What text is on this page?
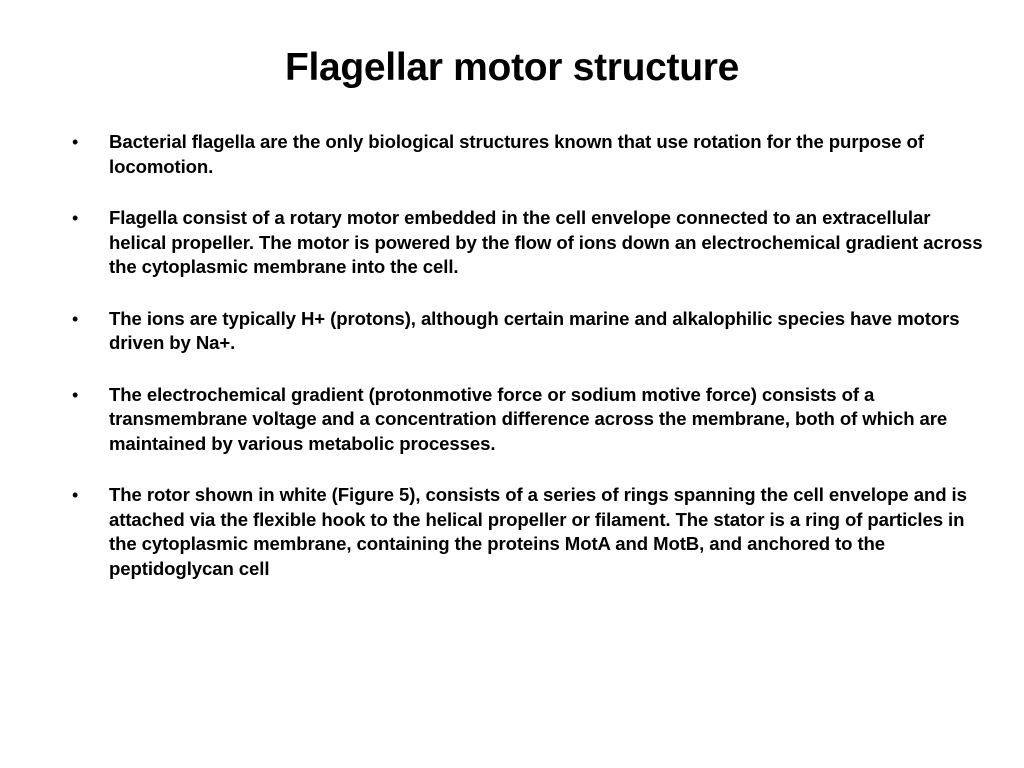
Flagellar motor structure
•	Bacterial flagella are the only biological structures known that use rotation for the purpose of locomotion.
•	Flagella consist of a rotary motor embedded in the cell envelope connected to an extracellular helical propeller. The motor is powered by the flow of ions down an electrochemical gradient across the cytoplasmic membrane into the cell.
•	The ions are typically H+ (protons), although certain marine and alkalophilic species have motors driven by Na+.
•	The electrochemical gradient (protonmotive force or sodium motive force) consists of a transmembrane voltage and a concentration difference across the membrane, both of which are maintained by various metabolic processes.
•	The rotor shown in white (Figure 5), consists of a series of rings spanning the cell envelope and is attached via the flexible hook to the helical propeller or filament. The stator is a ring of particles in the cytoplasmic membrane, containing the proteins MotA and MotB, and anchored to the peptidoglycan cell
